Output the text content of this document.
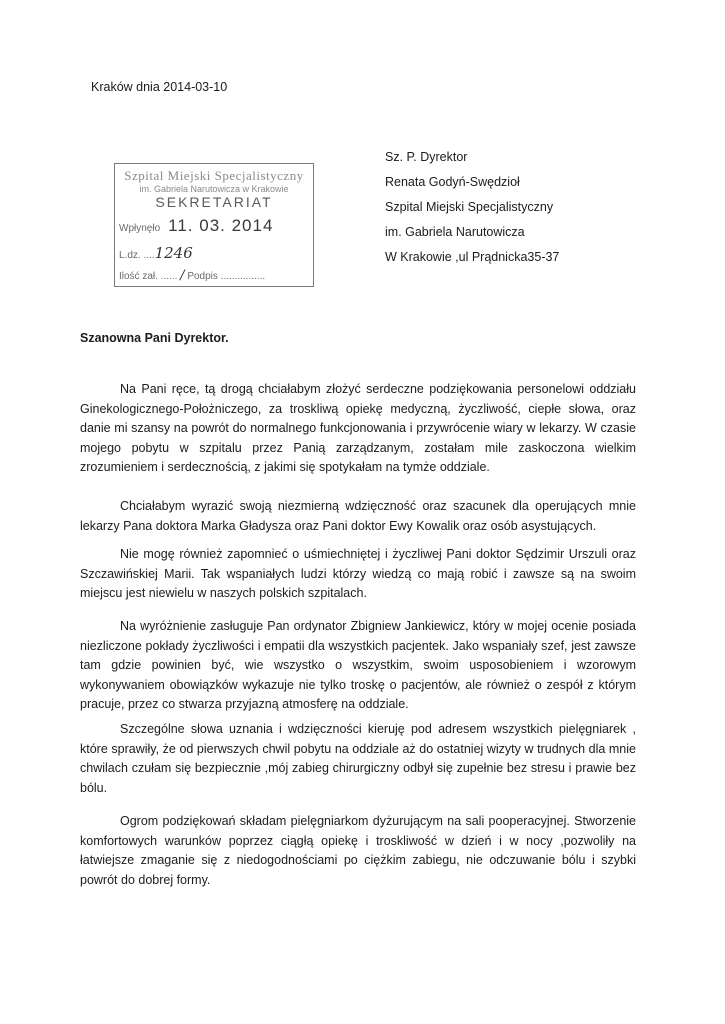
Kraków dnia 2014-03-10
Sz. P. Dyrektor
Renata Godyń-Swędzioł
Szpital Miejski Specjalistyczny
im. Gabriela Narutowicza
W Krakowie ,ul Prądnicka35-37
Szpital Miejski Specjalistyczny
im. Gabriela Narutowicza w Krakowie
SEKRETARIAT
Wpłynęło 11. 03. 2014
L.dz. ....1246
Ilość zał. ...... / Podpis ................
Szanowna Pani Dyrektor.

Na Pani ręce, tą drogą chciałabym złożyć serdeczne podziękowania personelowi oddziału Ginekologicznego-Położniczego, za troskliwą opiekę medyczną, życzliwość, ciepłe słowa, oraz danie mi szansy na powrót do normalnego funkcjonowania i przywrócenie wiary w lekarzy. W czasie mojego pobytu w szpitalu przez Panią zarządzanym, zostałam mile zaskoczona wielkim zrozumieniem i serdecznością, z jakimi się spotykałam na tymże oddziale.

Chciałabym wyrazić swoją niezmierną wdzięczność oraz szacunek dla operujących mnie lekarzy Pana doktora Marka Gładysza oraz Pani doktor Ewy Kowalik oraz osób asystujących.

Nie mogę również zapomnieć o uśmiechniętej i życzliwej Pani doktor Sędzimir Urszuli oraz Szczawińskiej Marii. Tak wspaniałych ludzi którzy wiedzą co mają robić i zawsze są na swoim miejscu jest niewielu w naszych polskich szpitalach.

Na wyróżnienie zasługuje Pan ordynator Zbigniew Jankiewicz, który w mojej ocenie posiada niezliczone pokłady życzliwości i empatii dla wszystkich pacjentek. Jako wspaniały szef, jest zawsze tam gdzie powinien być, wie wszystko o wszystkim, swoim usposobieniem i wzorowym wykonywaniem obowiązków wykazuje nie tylko troskę o pacjentów, ale również o zespół z którym pracuje, przez co stwarza przyjazną atmosferę na oddziale.

Szczególne słowa uznania i wdzięczności kieruję pod adresem wszystkich pielęgniarek , które sprawiły, że od pierwszych chwil pobytu na oddziale aż do ostatniej wizyty w trudnych dla mnie chwilach czułam się bezpiecznie ,mój zabieg chirurgiczny odbył się zupełnie bez stresu i prawie bez bólu.

Ogrom podziękowań składam pielęgniarkom dyżurującym na sali pooperacyjnej. Stworzenie komfortowych warunków poprzez ciągłą opiekę i troskliwość w dzień i w nocy ,pozwoliły na łatwiejsze zmaganie się z niedogodnościami po ciężkim zabiegu, nie odczuwanie bólu i szybki powrót do dobrej formy.
